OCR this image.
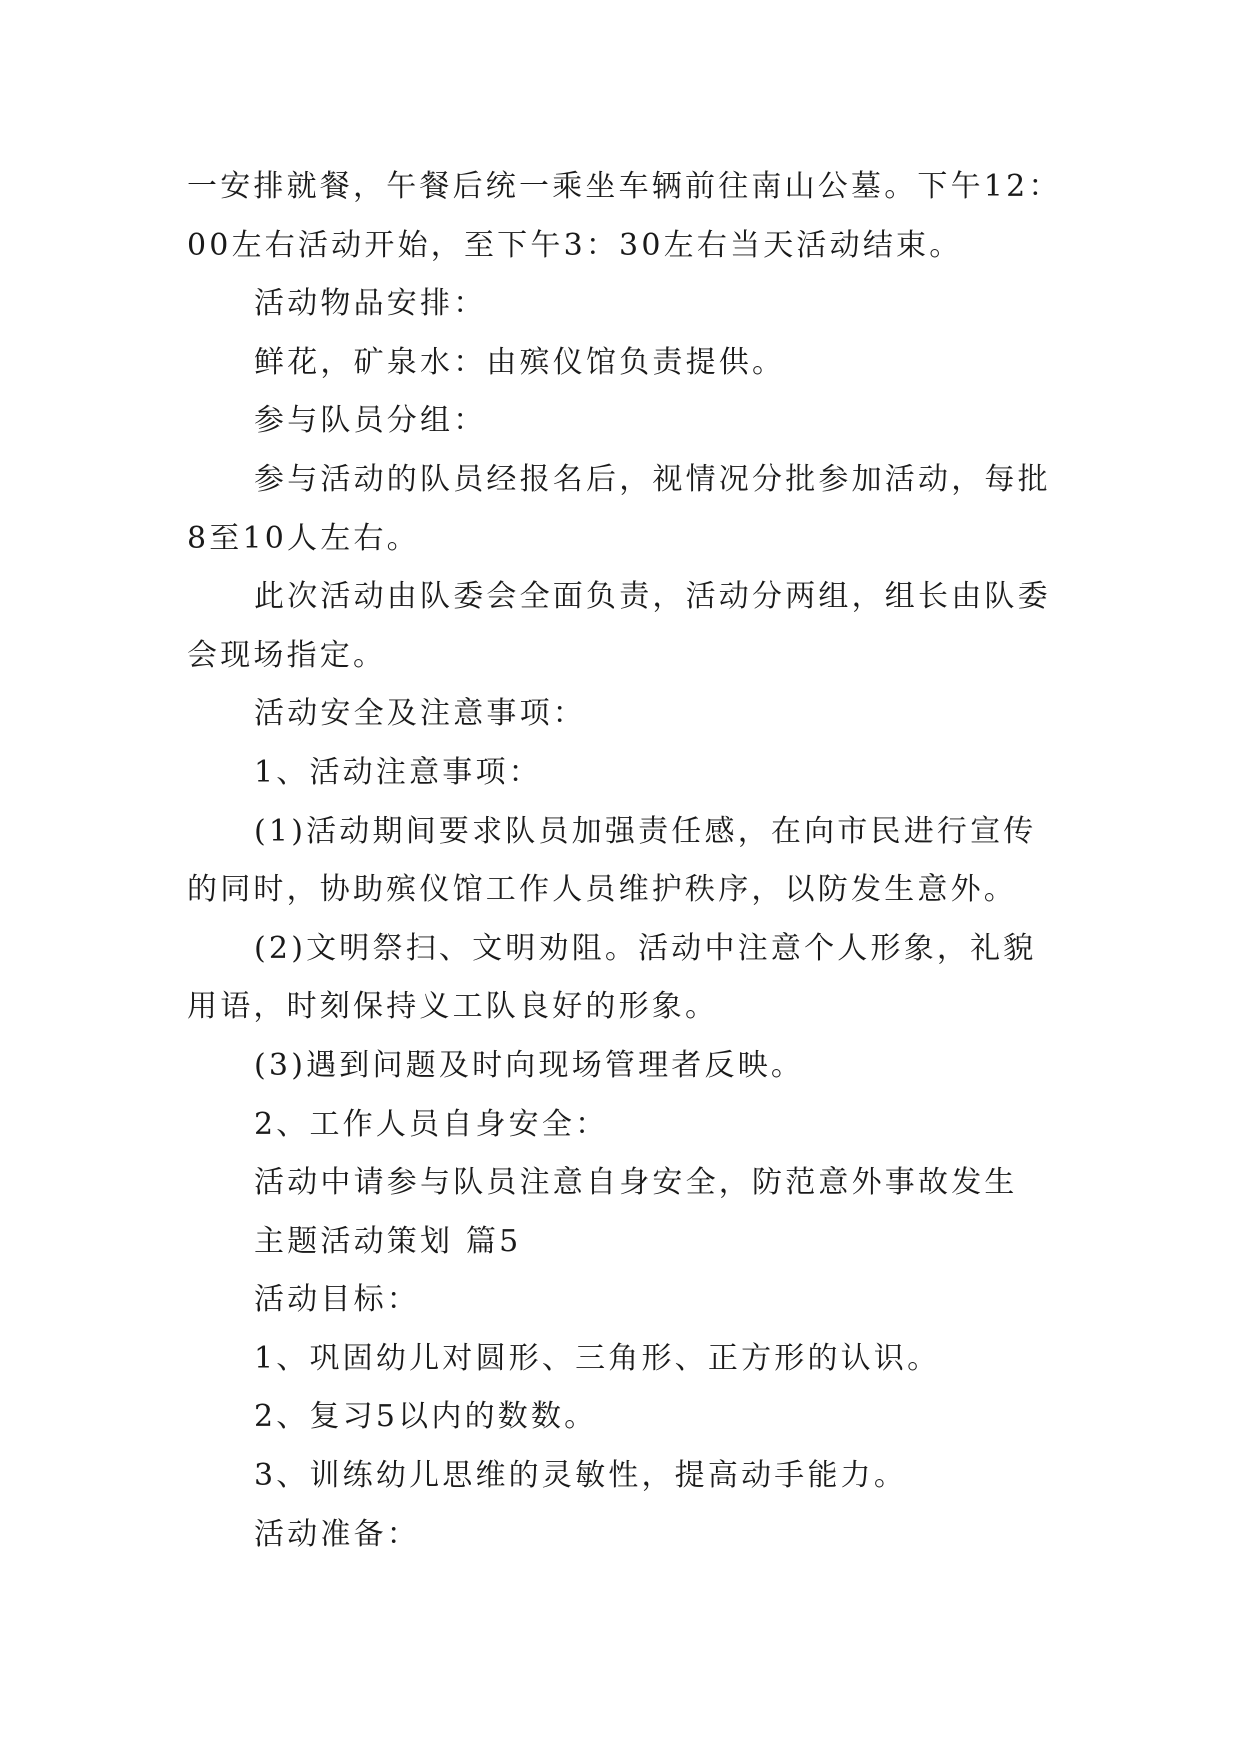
一安排就餐，午餐后统一乘坐车辆前往南山公墓。下午12：
00左右活动开始，至下午3：30左右当天活动结束。
活动物品安排：
鲜花，矿泉水：由殡仪馆负责提供。
参与队员分组：
参与活动的队员经报名后，视情况分批参加活动，每批
8至10人左右。
此次活动由队委会全面负责，活动分两组，组长由队委
会现场指定。
活动安全及注意事项：
1、活动注意事项：
(1)活动期间要求队员加强责任感，在向市民进行宣传
的同时，协助殡仪馆工作人员维护秩序，以防发生意外。
(2)文明祭扫、文明劝阻。活动中注意个人形象，礼貌
用语，时刻保持义工队良好的形象。
(3)遇到问题及时向现场管理者反映。
2、工作人员自身安全：
活动中请参与队员注意自身安全，防范意外事故发生
主题活动策划 篇5
活动目标：
1、巩固幼儿对圆形、三角形、正方形的认识。
2、复习5以内的数数。
3、训练幼儿思维的灵敏性，提高动手能力。
活动准备：
